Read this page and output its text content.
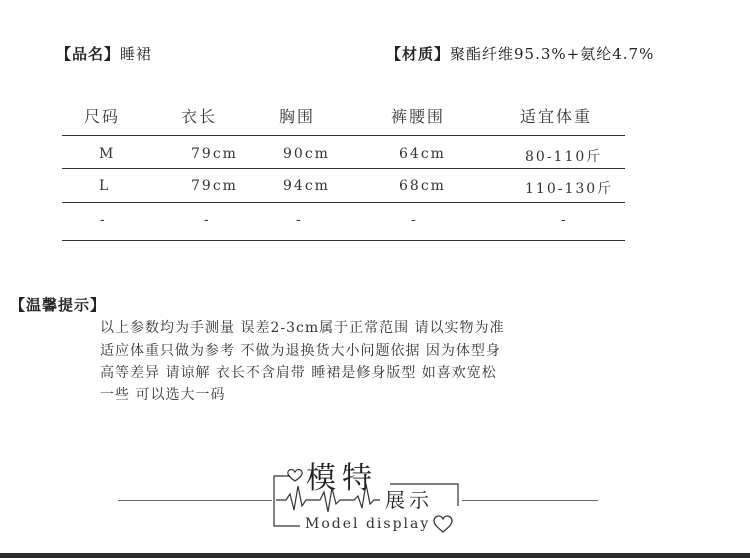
【品名】睡裙	【材质】聚酯纤维95.3%+氨纶4.7%
尺码	衣长	胸围	裤腰围	适宜体重
M	79cm	90cm	64cm	80-110斤
L	79cm	94cm	68cm	110-130斤
-	-	-	-	-
【温馨提示】
以上参数均为手测量 误差2-3cm属于正常范围 请以实物为准
适应体重只做为参考 不做为退换货大小问题依据 因为体型身
高等差异 请谅解 衣长不含肩带 睡裙是修身版型 如喜欢宽松
一些 可以选大一码
模特
展示
Model display
